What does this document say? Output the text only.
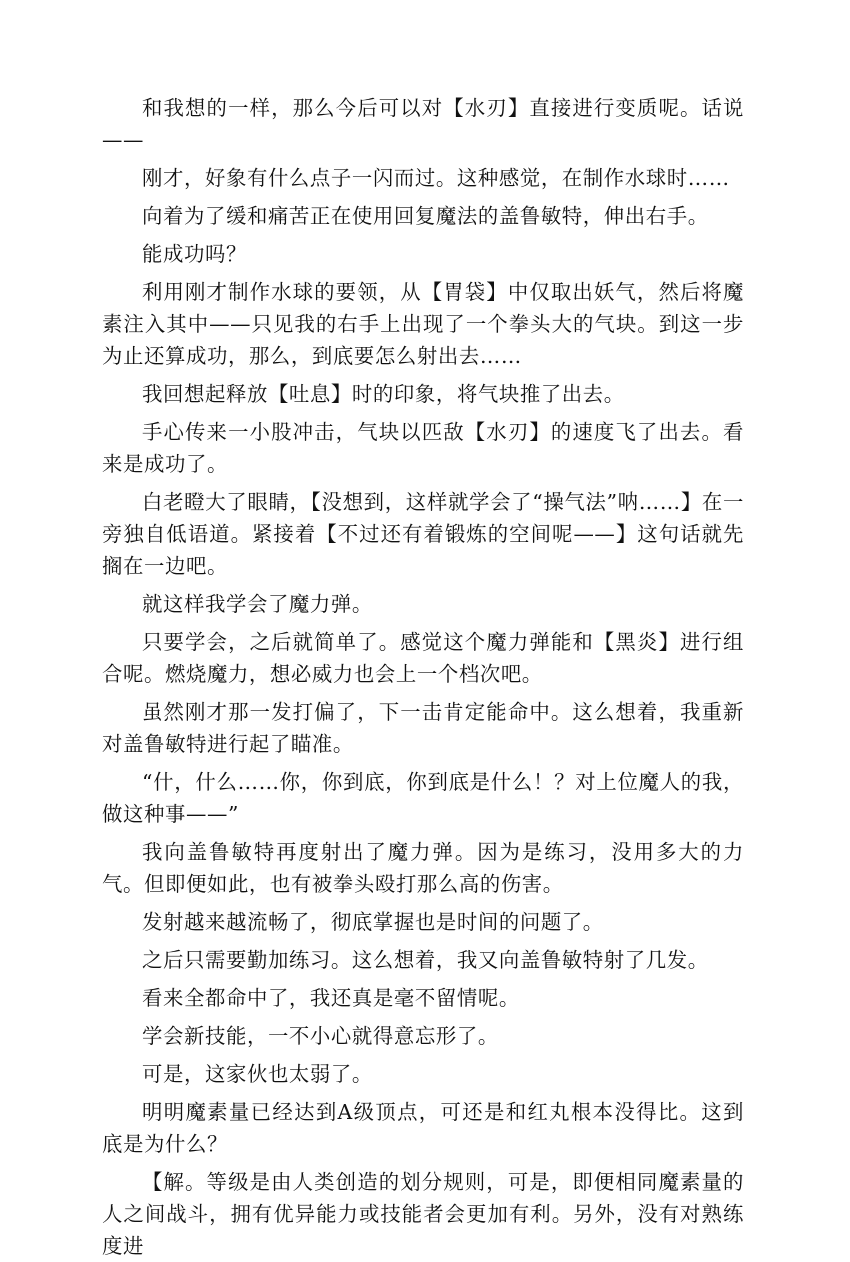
和我想的一样，那么今后可以对【水刃】直接进行变质呢。话说——

刚才，好象有什么点子一闪而过。这种感觉，在制作水球时……

向着为了缓和痛苦正在使用回复魔法的盖鲁敏特，伸出右手。

能成功吗？

利用刚才制作水球的要领，从【胃袋】中仅取出妖气，然后将魔素注入其中——只见我的右手上出现了一个拳头大的气块。到这一步为止还算成功，那么，到底要怎么射出去……

我回想起释放【吐息】时的印象，将气块推了出去。

手心传来一小股冲击，气块以匹敌【水刃】的速度飞了出去。看来是成功了。

白老瞪大了眼睛，【没想到，这样就学会了“操气法”呐……】在一旁独自低语道。紧接着【不过还有着锻炼的空间呢——】这句话就先搁在一边吧。

就这样我学会了魔力弹。

只要学会，之后就简单了。感觉这个魔力弹能和【黑炎】进行组合呢。燃烧魔力，想必威力也会上一个档次吧。

虽然刚才那一发打偏了，下一击肯定能命中。这么想着，我重新对盖鲁敏特进行起了瞄准。

“什，什么……你，你到底，你到底是什么！？对上位魔人的我，做这种事——”

我向盖鲁敏特再度射出了魔力弹。因为是练习，没用多大的力气。但即便如此，也有被拳头殴打那么高的伤害。

发射越来越流畅了，彻底掌握也是时间的问题了。

之后只需要勤加练习。这么想着，我又向盖鲁敏特射了几发。

看来全都命中了，我还真是毫不留情呢。

学会新技能，一不小心就得意忘形了。

可是，这家伙也太弱了。

明明魔素量已经达到A级顶点，可还是和红丸根本没得比。这到底是为什么？

【解。等级是由人类创造的划分规则，可是，即便相同魔素量的人之间战斗，拥有优异能力或技能者会更加有利。另外，没有对熟练度进
